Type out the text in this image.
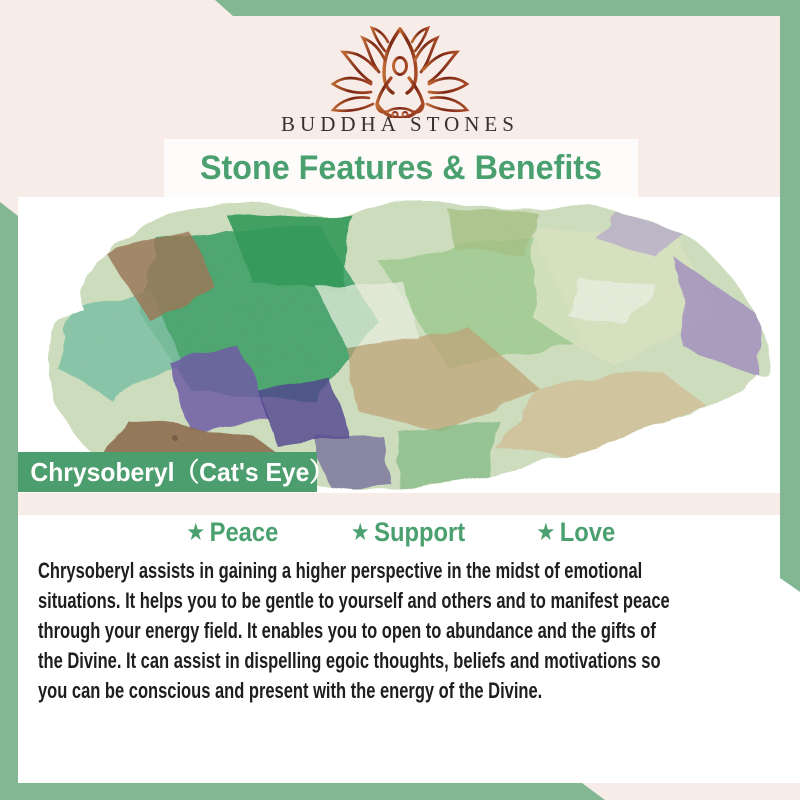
BUDDHA STONES
Stone Features & Benefits
Chrysoberyl（Cat's Eye）
★ Peace	★ Support	★ Love
Chrysoberyl assists in gaining a higher perspective in the midst of emotional
situations. It helps you to be gentle to yourself and others and to manifest peace
through your energy field. It enables you to open to abundance and the gifts of
the Divine. It can assist in dispelling egoic thoughts, beliefs and motivations so
you can be conscious and present with the energy of the Divine.
